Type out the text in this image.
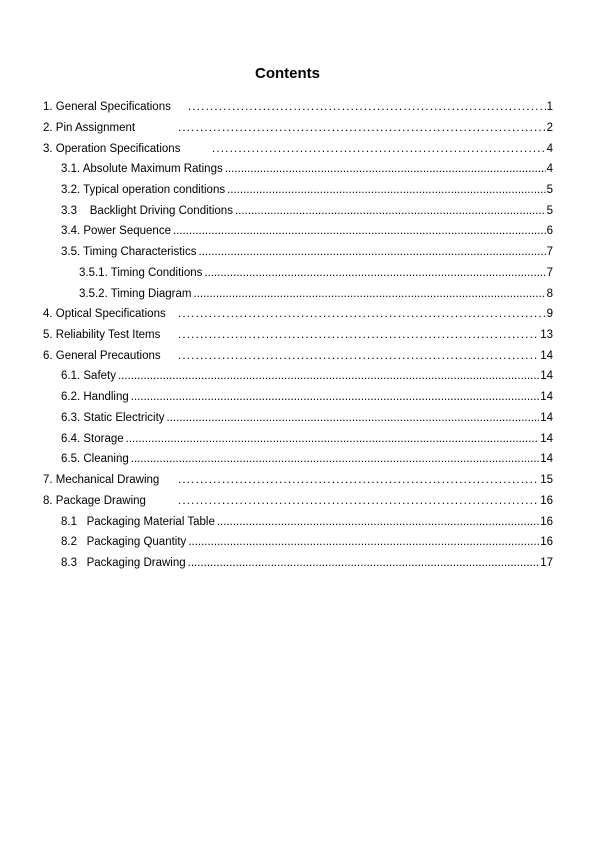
Contents
1. General Specifications .....	1
2. Pin Assignment .....	2
3. Operation Specifications .....	4
3.1. Absolute Maximum Ratings .....	4
3.2. Typical operation conditions .....	5
3.3    Backlight Driving Conditions .....	5
3.4. Power Sequence .....	6
3.5. Timing Characteristics .....	7
3.5.1. Timing Conditions .....	7
3.5.2. Timing Diagram .....	8
4. Optical Specifications .....	9
5. Reliability Test Items .....	13
6. General Precautions .....	14
6.1. Safety .....	14
6.2. Handling .....	14
6.3. Static Electricity .....	14
6.4. Storage .....	14
6.5. Cleaning .....	14
7. Mechanical Drawing .....	15
8. Package Drawing .....	16
8.1   Packaging Material Table .....	16
8.2   Packaging Quantity .....	16
8.3   Packaging Drawing .....	17
